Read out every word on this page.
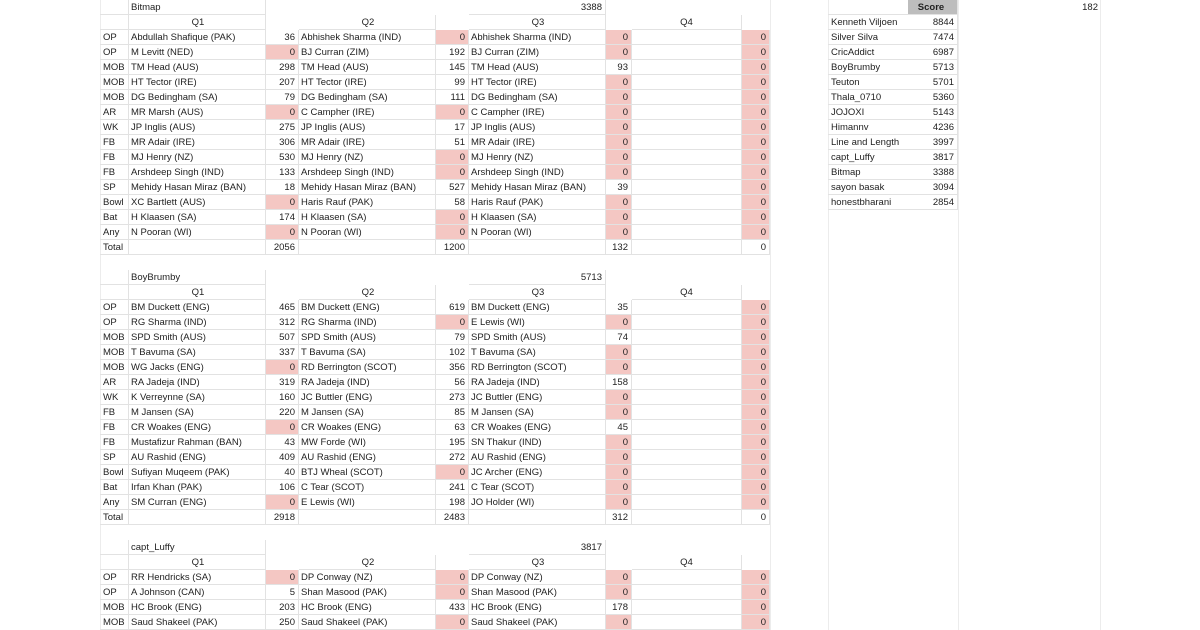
182
Score
Kenneth Viljoen	8844
Silver Silva	7474
CricAddict	6987
BoyBrumby	5713
Teuton	5701
Thala_0710	5360
JOJOXI	5143
Himannv	4236
Line and Length	3997
capt_Luffy	3817
Bitmap	3388
sayon basak	3094
honestbharani	2854
Bitmap	3388
Q1	Q2	Q3	Q4
OP	Abdullah Shafique (PAK)	36 Abhishek Sharma (IND)	0 Abhishek Sharma (IND)	0	0
OP	M Levitt (NED)	0 BJ Curran (ZIM)	192 BJ Curran (ZIM)	0	0
MOB TM Head (AUS)	298 TM Head (AUS)	145 TM Head (AUS)	93	0
MOB HT Tector (IRE)	207 HT Tector (IRE)	99 HT Tector (IRE)	0	0
MOB DG Bedingham (SA)	79 DG Bedingham (SA)	111 DG Bedingham (SA)	0	0
AR	MR Marsh (AUS)	0 C Campher (IRE)	0 C Campher (IRE)	0	0
WK	JP Inglis (AUS)	275 JP Inglis (AUS)	17 JP Inglis (AUS)	0	0
FB	MR Adair (IRE)	306 MR Adair (IRE)	51 MR Adair (IRE)	0	0
FB	MJ Henry (NZ)	530 MJ Henry (NZ)	0 MJ Henry (NZ)	0	0
FB	Arshdeep Singh (IND)	133 Arshdeep Singh (IND)	0 Arshdeep Singh (IND)	0	0
SP	Mehidy Hasan Miraz (BAN)	18 Mehidy Hasan Miraz (BAN)	527 Mehidy Hasan Miraz (BAN)	39	0
Bowl XC Bartlett (AUS)	0 Haris Rauf (PAK)	58 Haris Rauf (PAK)	0	0
Bat	H Klaasen (SA)	174 H Klaasen (SA)	0 H Klaasen (SA)	0	0
Any	N Pooran (WI)	0 N Pooran (WI)	0 N Pooran (WI)	0	0
Total	2056	1200	132	0
BoyBrumby	5713
Q1	Q2	Q3	Q4
OP	BM Duckett (ENG)	465 BM Duckett (ENG)	619 BM Duckett (ENG)	35	0
OP	RG Sharma (IND)	312 RG Sharma (IND)	0 E Lewis (WI)	0	0
MOB SPD Smith (AUS)	507 SPD Smith (AUS)	79 SPD Smith (AUS)	74	0
MOB T Bavuma (SA)	337 T Bavuma (SA)	102 T Bavuma (SA)	0	0
MOB WG Jacks (ENG)	0 RD Berrington (SCOT)	356 RD Berrington (SCOT)	0	0
AR	RA Jadeja (IND)	319 RA Jadeja (IND)	56 RA Jadeja (IND)	158	0
WK	K Verreynne (SA)	160 JC Buttler (ENG)	273 JC Buttler (ENG)	0	0
FB	M Jansen (SA)	220 M Jansen (SA)	85 M Jansen (SA)	0	0
FB	CR Woakes (ENG)	0 CR Woakes (ENG)	63 CR Woakes (ENG)	45	0
FB	Mustafizur Rahman (BAN)	43 MW Forde (WI)	195 SN Thakur (IND)	0	0
SP	AU Rashid (ENG)	409 AU Rashid (ENG)	272 AU Rashid (ENG)	0	0
Bowl Sufiyan Muqeem (PAK)	40 BTJ Wheal (SCOT)	0 JC Archer (ENG)	0	0
Bat	Irfan Khan (PAK)	106 C Tear (SCOT)	241 C Tear (SCOT)	0	0
Any	SM Curran (ENG)	0 E Lewis (WI)	198 JO Holder (WI)	0	0
Total	2918	2483	312	0
capt_Luffy	3817
Q1	Q2	Q3	Q4
OP	RR Hendricks (SA)	0 DP Conway (NZ)	0 DP Conway (NZ)	0	0
OP	A Johnson (CAN)	5 Shan Masood (PAK)	0 Shan Masood (PAK)	0	0
MOB HC Brook (ENG)	203 HC Brook (ENG)	433 HC Brook (ENG)	178	0
MOB Saud Shakeel (PAK)	250 Saud Shakeel (PAK)	0 Saud Shakeel (PAK)	0	0
